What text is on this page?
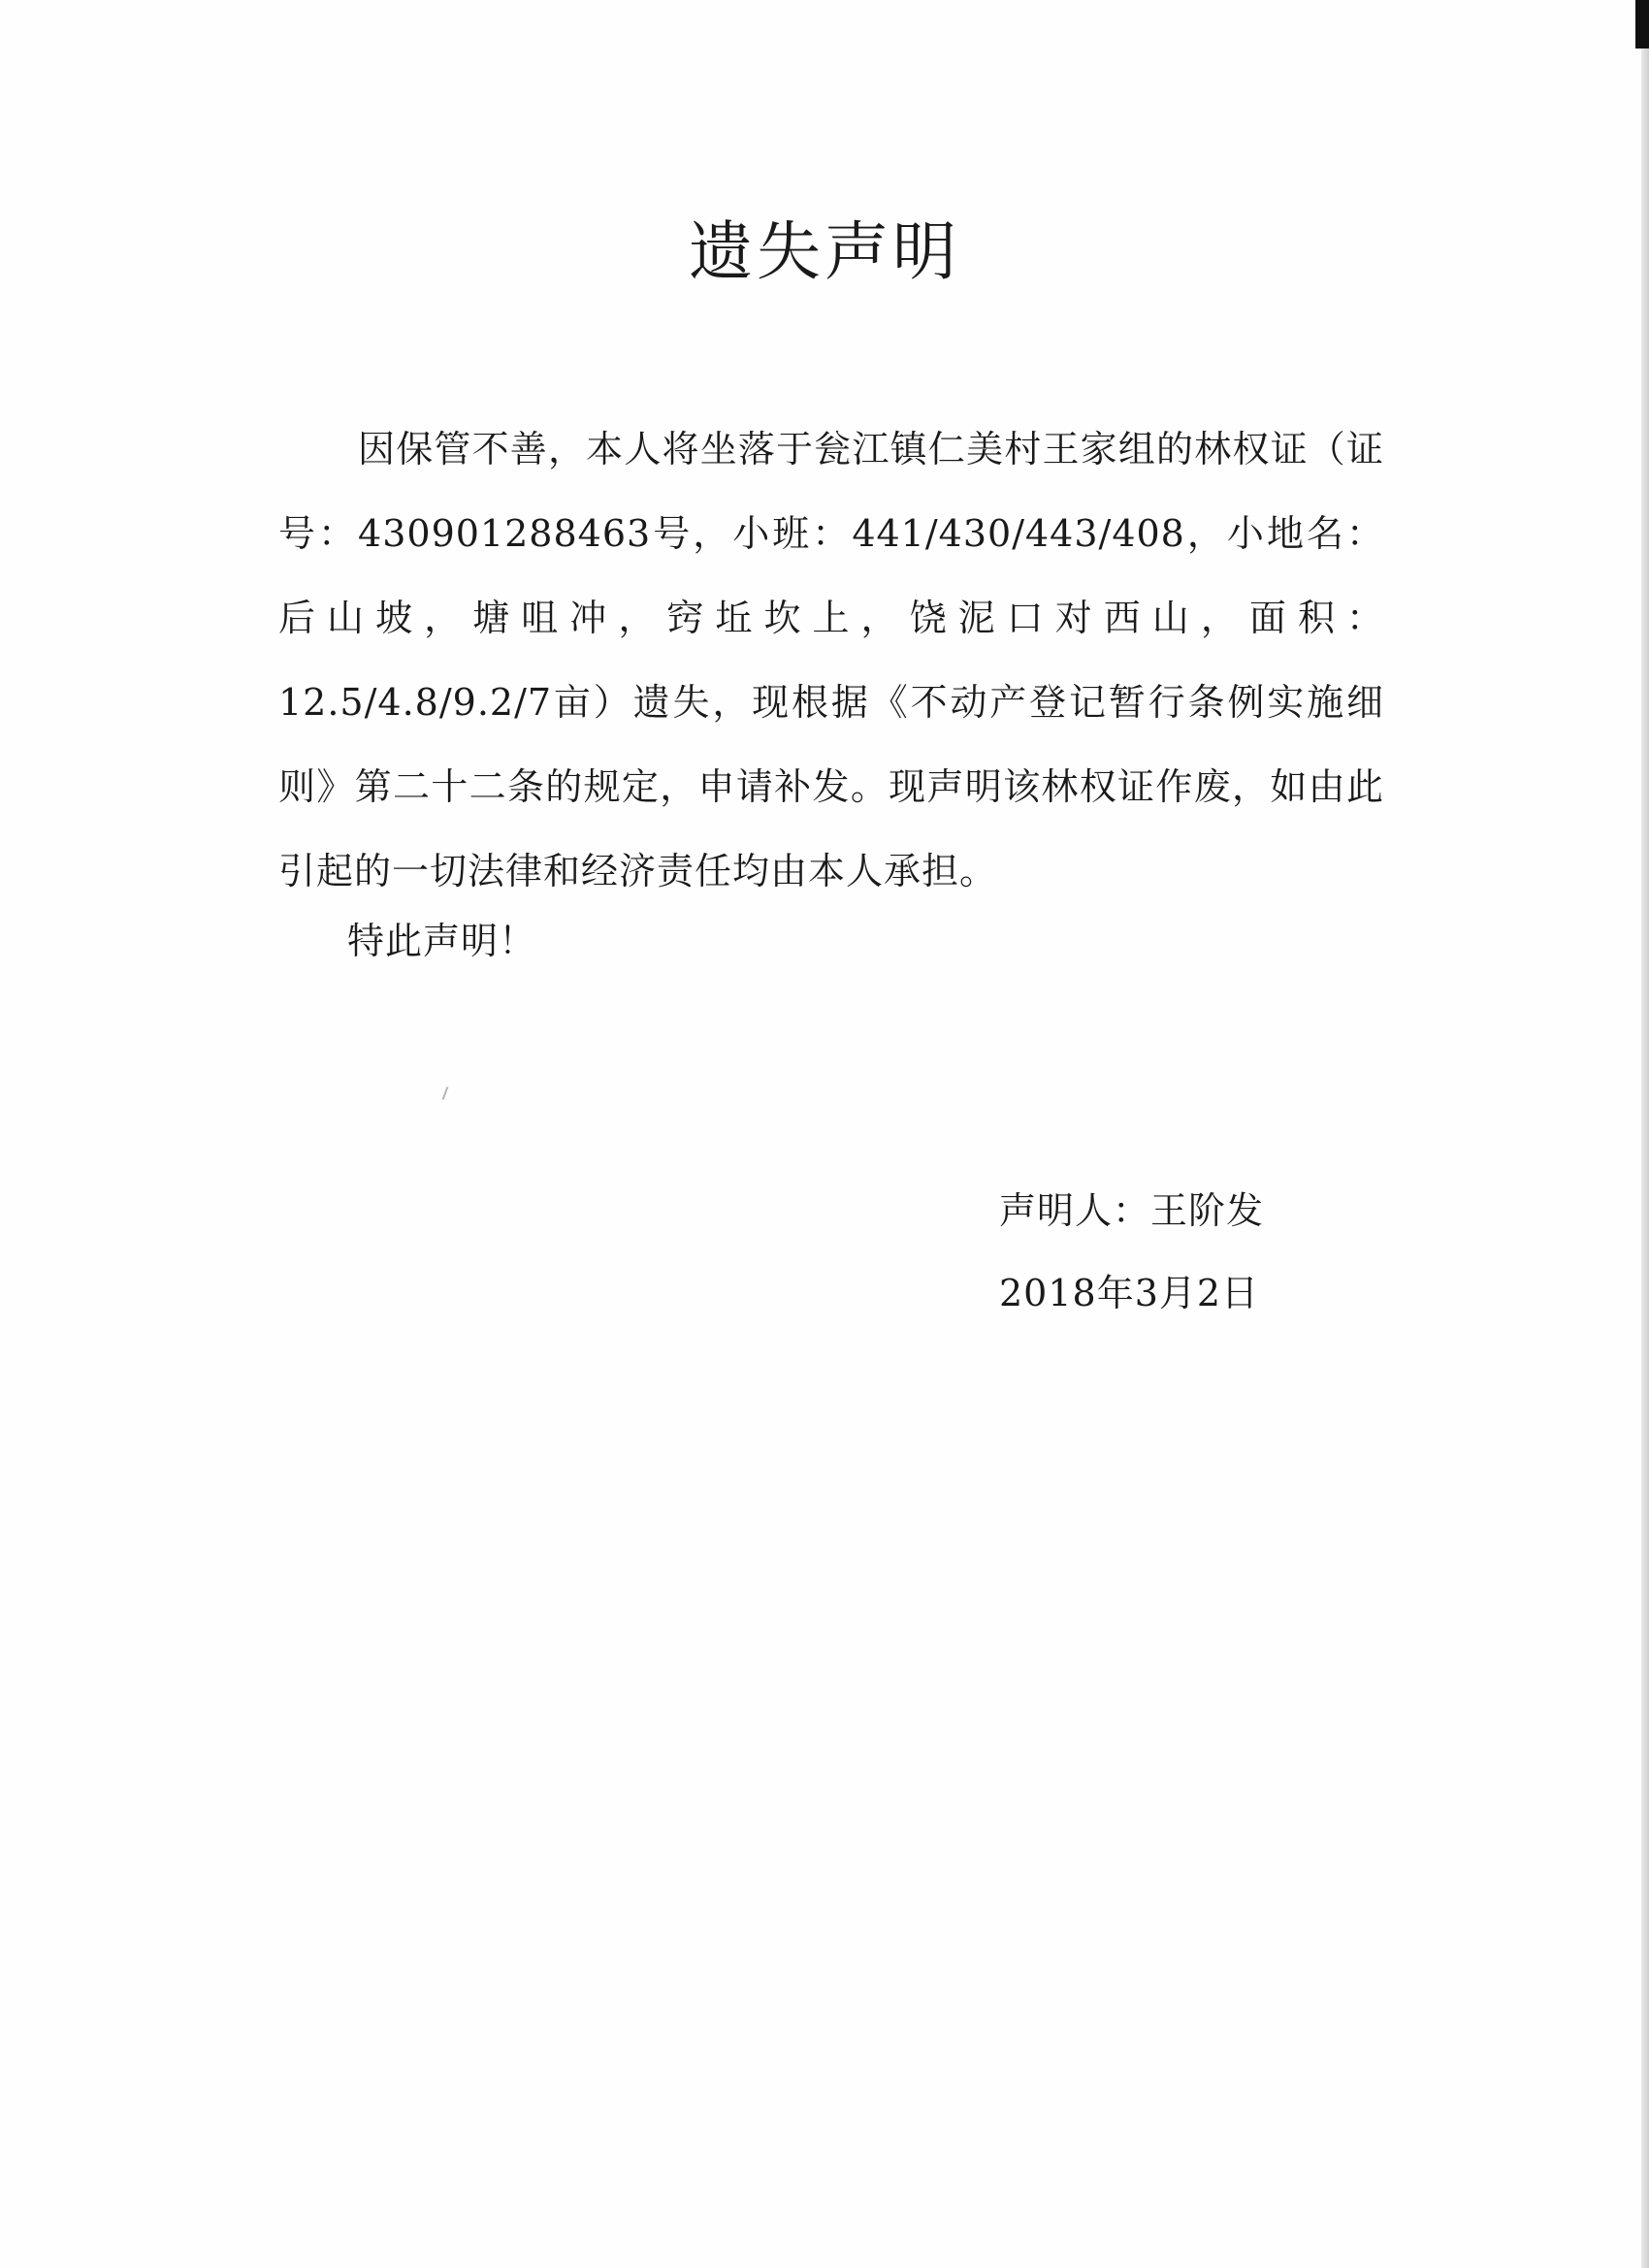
遗失声明
因保管不善，本人将坐落于瓮江镇仁美村王家组的林权证（证号：430901288463号，小班：441/430/443/408，小地名：后山坡，塘咀冲，窍坵坎上，饶泥口对西山，面积：12.5/4.8/9.2/7亩）遗失，现根据《不动产登记暂行条例实施细则》第二十二条的规定，申请补发。现声明该林权证作废，如由此引起的一切法律和经济责任均由本人承担。
特此声明！
声明人：王阶发
2018年3月2日
